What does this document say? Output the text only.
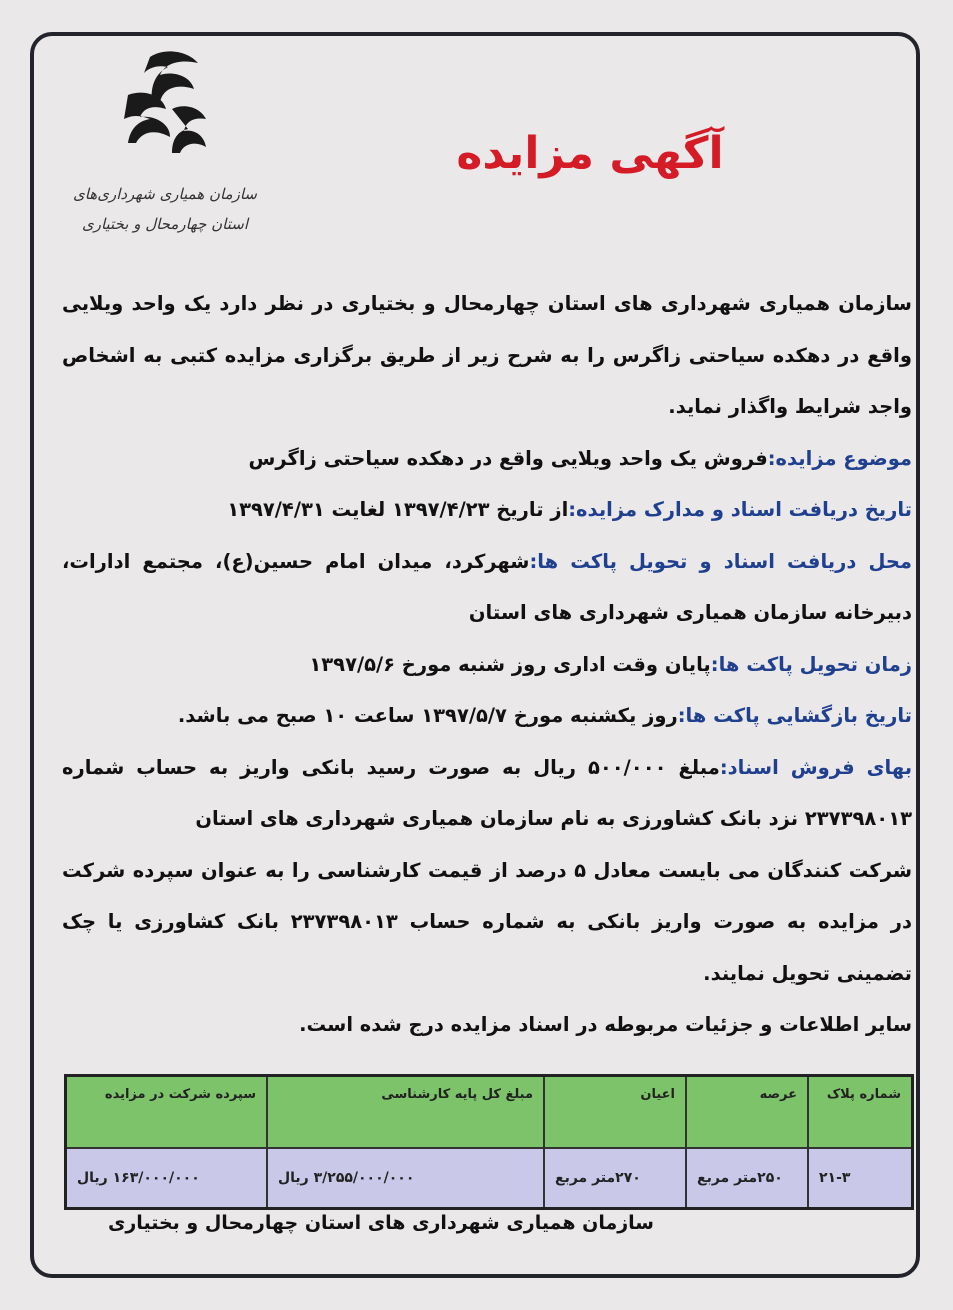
سازمان همیاری شهرداری‌های
استان چهارمحال و بختیاری
آگهی مزایده

سازمان همیاری شهرداری های استان چهارمحال و بختیاری در نظر دارد یک واحد ویلایی واقع در دهکده سیاحتی زاگرس را به شرح زیر از طریق برگزاری مزایده کتبی به اشخاص واجد شرایط واگذار نماید.

موضوع مزایده:فروش یک واحد ویلایی واقع در دهکده سیاحتی زاگرس

تاریخ دریافت اسناد و مدارک مزایده:از تاریخ ۱۳۹۷/۴/۲۳ لغایت ۱۳۹۷/۴/۳۱

محل دریافت اسناد و تحویل پاکت ها:شهرکرد، میدان امام حسین(ع)، مجتمع ادارات، دبیرخانه سازمان همیاری شهرداری های استان

زمان تحویل پاکت ها:پایان وقت اداری روز شنبه مورخ ۱۳۹۷/۵/۶

تاریخ بازگشایی پاکت ها:روز یکشنبه مورخ ۱۳۹۷/۵/۷ ساعت ۱۰ صبح می باشد.

بهای فروش اسناد:مبلغ ۵۰۰/۰۰۰ ریال به صورت رسید بانکی واریز به حساب شماره ۲۳۷۳۹۸۰۱۳ نزد بانک کشاورزی به نام سازمان همیاری شهرداری های استان

شرکت کنندگان می بایست معادل ۵ درصد از قیمت کارشناسی را به عنوان سپرده شرکت در مزایده به صورت واریز بانکی به شماره حساب ۲۳۷۳۹۸۰۱۳ بانک کشاورزی یا چک تضمینی تحویل نمایند.

سایر اطلاعات و جزئیات مربوطه در اسناد مزایده درج شده است.

شماره پلاک	عرصه	اعیان	مبلغ کل پایه کارشناسی	سپرده شرکت در مزایده
۲۱-۳	۲۵۰متر مربع	۲۷۰متر مربع	۳/۲۵۵/۰۰۰/۰۰۰ ریال	۱۶۳/۰۰۰/۰۰۰ ریال
سازمان همیاری شهرداری های استان چهارمحال و بختیاری
